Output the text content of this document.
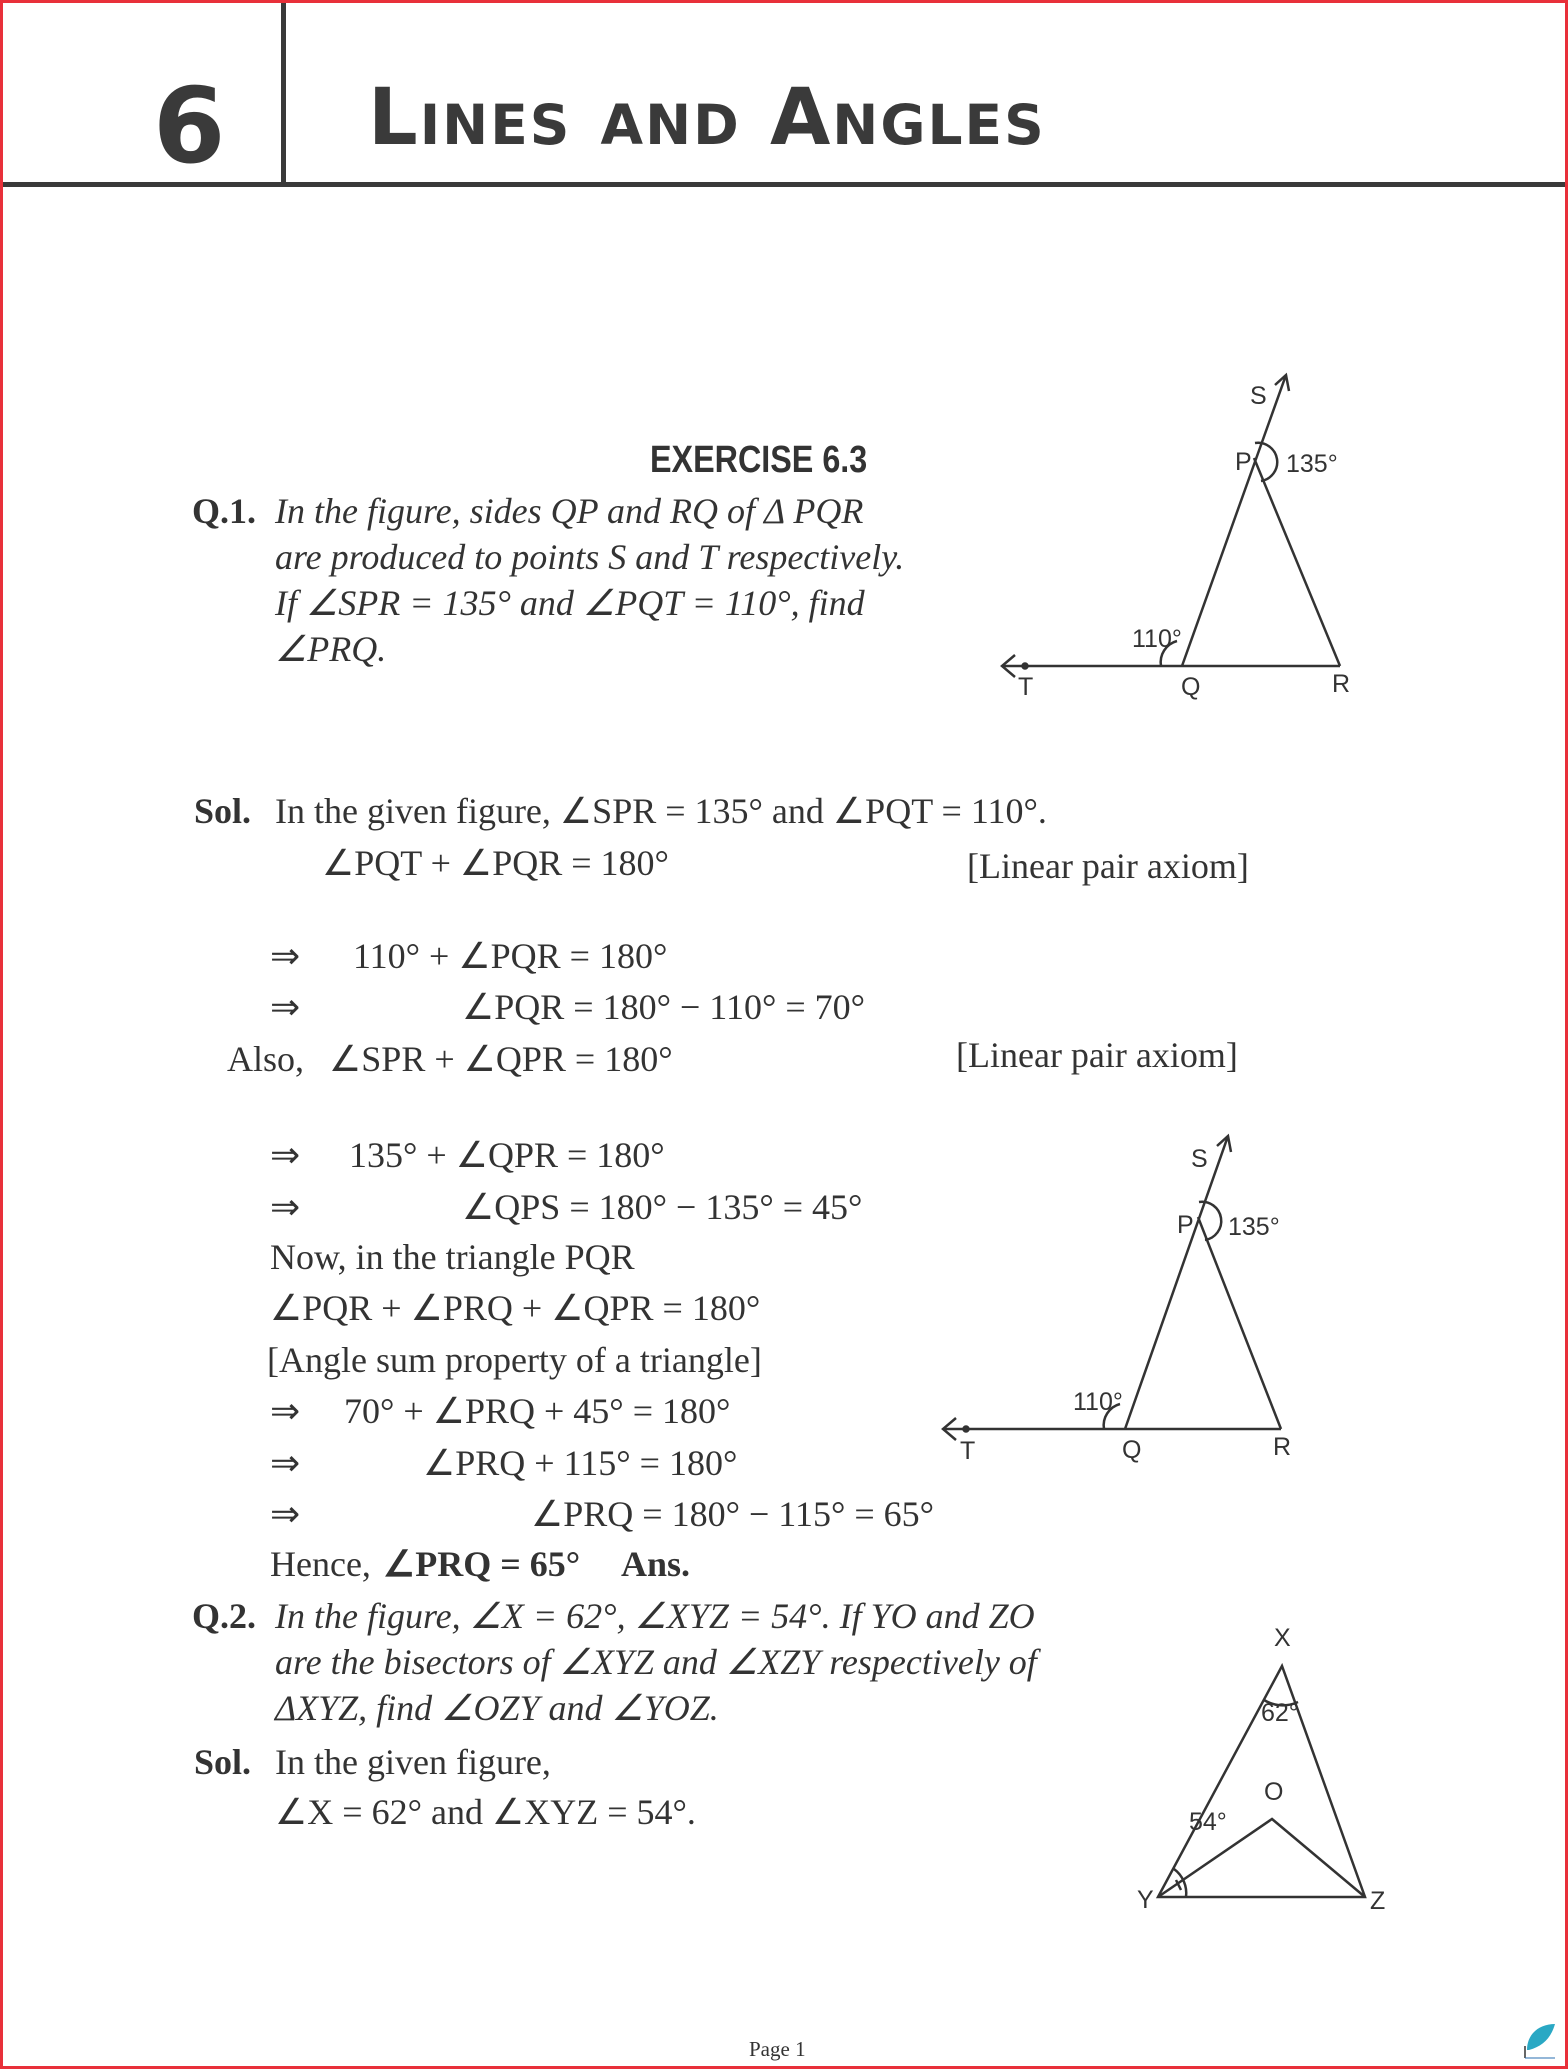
6 Lines and Angles
EXERCISE 6.3
Q.1. In the figure, sides QP and RQ of Δ PQR
are produced to points S and T respectively.
If ∠SPR = 135° and ∠PQT = 110°, find
∠PRQ.
S
P 135°
110°
T	Q	R
S
P 135°
110°
T	Q	R
X
62°
O
54°
Y	Z
Sol. In the given figure, ∠SPR = 135° and ∠PQT = 110°.
∠PQT + ∠PQR = 180°	[Linear pair axiom]
⇒ 110° + ∠PQR = 180°
⇒	∠PQR = 180° − 110° = 70°
Also, ∠SPR + ∠QPR = 180°	[Linear pair axiom]
⇒ 135° + ∠QPR = 180°
⇒	∠QPS = 180° − 135° = 45°
Now, in the triangle PQR
∠PQR + ∠PRQ + ∠QPR = 180°
[Angle sum property of a triangle]
⇒ 70° + ∠PRQ + 45° = 180°
⇒	∠PRQ + 115° = 180°
⇒	∠PRQ = 180° − 115° = 65°
Hence, ∠PRQ = 65° Ans.
Q.2. In the figure, ∠X = 62°, ∠XYZ = 54°. If YO and ZO
are the bisectors of ∠XYZ and ∠XZY respectively of
ΔXYZ, find ∠OZY and ∠YOZ.
Sol. In the given figure,
∠X = 62° and ∠XYZ = 54°.
Page 1
